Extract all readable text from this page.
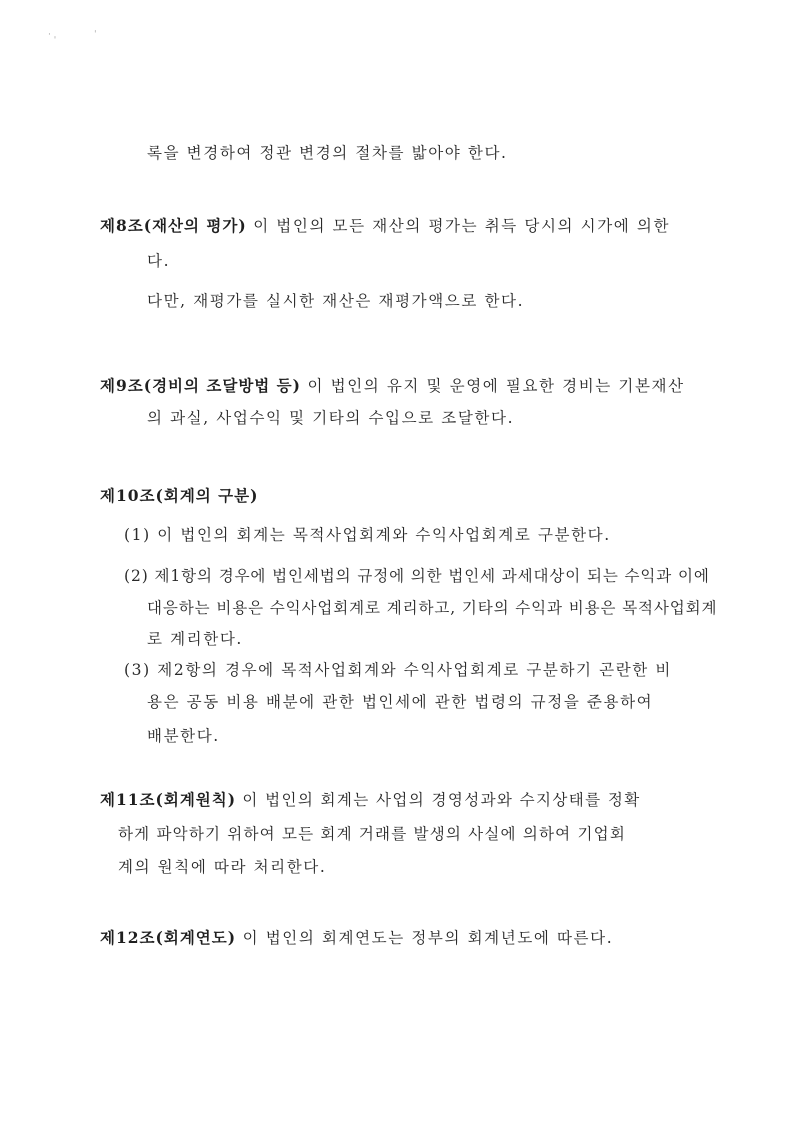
· ˌ	ˈ
록을 변경하여 정관 변경의 절차를 밟아야 한다.
제8조(재산의 평가) 이 법인의 모든 재산의 평가는 취득 당시의 시가에 의한
다.
다만, 재평가를 실시한 재산은 재평가액으로 한다.
제9조(경비의 조달방법 등) 이 법인의 유지 및 운영에 필요한 경비는 기본재산
의 과실, 사업수익 및 기타의 수입으로 조달한다.
제10조(회계의 구분)
(1) 이 법인의 회계는 목적사업회계와 수익사업회계로 구분한다.
(2) 제1항의 경우에 법인세법의 규정에 의한 법인세 과세대상이 되는 수익과 이에
대응하는 비용은 수익사업회계로 계리하고, 기타의 수익과 비용은 목적사업회계
로 계리한다.
(3) 제2항의 경우에 목적사업회계와 수익사업회계로 구분하기 곤란한 비
용은 공동 비용 배분에 관한 법인세에 관한 법령의 규정을 준용하여
배분한다.
제11조(회계원칙) 이 법인의 회계는 사업의 경영성과와 수지상태를 정확
하게 파악하기 위하여 모든 회계 거래를 발생의 사실에 의하여 기업회
계의 원칙에 따라 처리한다.
제12조(회계연도) 이 법인의 회계연도는 정부의 회계년도에 따른다.
